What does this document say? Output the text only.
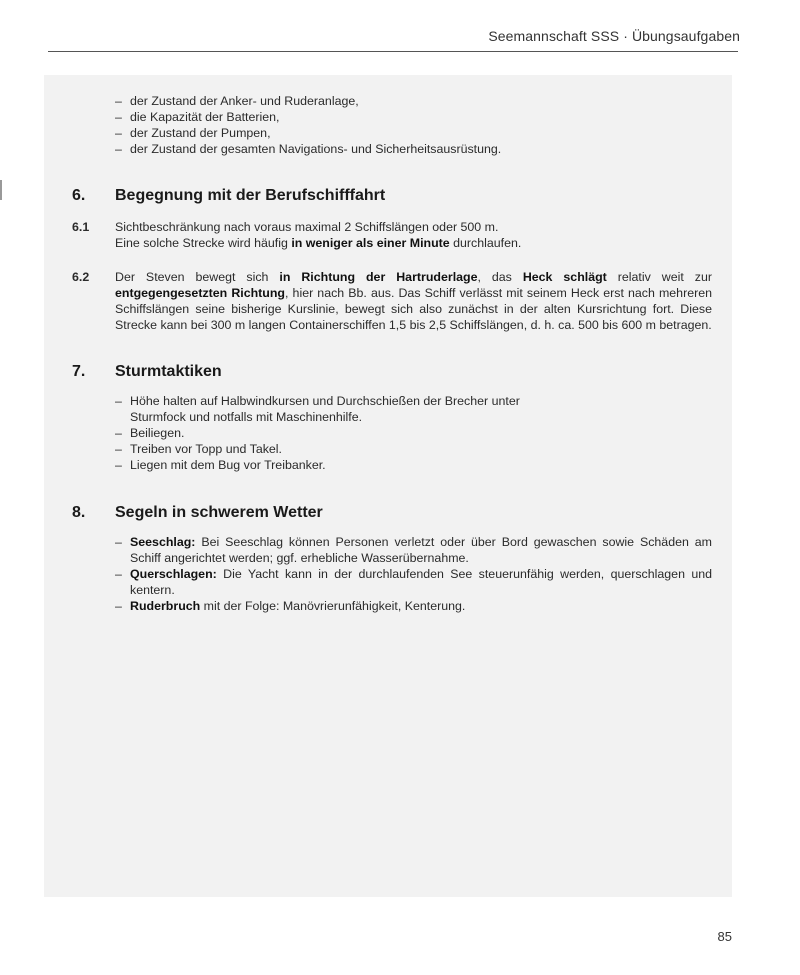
Seemannschaft SSS · Übungsaufgaben
– der Zustand der Anker- und Ruderanlage,
– die Kapazität der Batterien,
– der Zustand der Pumpen,
– der Zustand der gesamten Navigations- und Sicherheitsausrüstung.
6.	Begegnung mit der Berufschifffahrt
6.1	Sichtbeschränkung nach voraus maximal 2 Schiffslängen oder 500 m.

Eine solche Strecke wird häufig in weniger als einer Minute durchlaufen.

6.2	Der Steven bewegt sich in Richtung der Hartruderlage, das Heck schlägt relativ weit zur entgegengesetzten Richtung, hier nach Bb. aus. Das Schiff verlässt mit seinem Heck erst nach mehreren Schiffslängen seine bisherige Kurslinie, bewegt sich also zunächst in der alten Kursrichtung fort. Diese Strecke kann bei 300 m langen Containerschiffen 1,5 bis 2,5 Schiffslängen, d. h. ca. 500 bis 600 m betragen.

7.	Sturmtaktiken
– Höhe halten auf Halbwindkursen und Durchschießen der Brecher unter Sturmfock und notfalls mit Maschinenhilfe.
– Beiliegen.
– Treiben vor Topp und Takel.
– Liegen mit dem Bug vor Treibanker.
8.	Segeln in schwerem Wetter
– Seeschlag: Bei Seeschlag können Personen verletzt oder über Bord gewaschen sowie Schäden am Schiff angerichtet werden; ggf. erhebliche Wasserübernahme.
– Querschlagen: Die Yacht kann in der durchlaufenden See steuerunfähig werden, querschlagen und kentern.
– Ruderbruch mit der Folge: Manövrierunfähigkeit, Kenterung.
85
